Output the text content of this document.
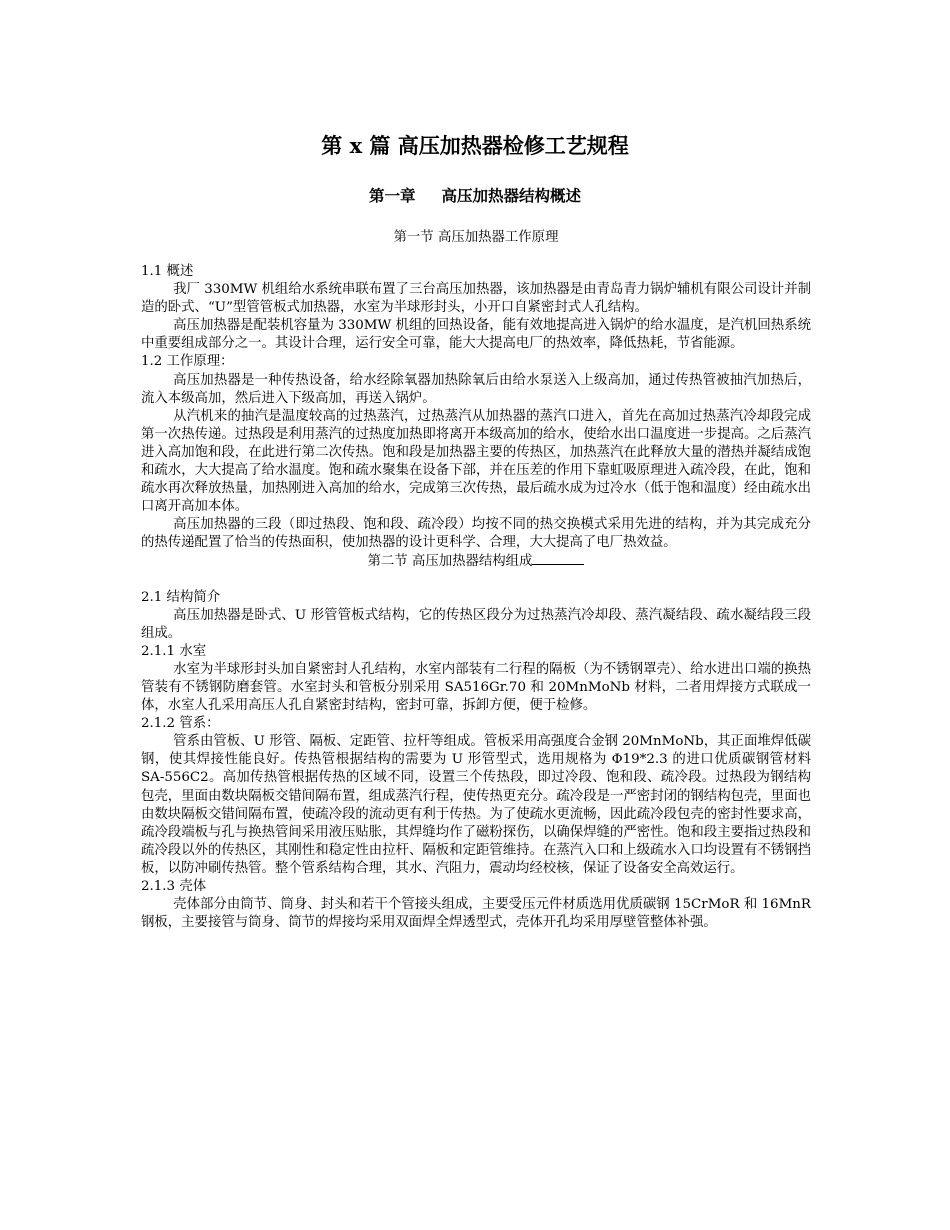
第 x 篇 高压加热器检修工艺规程
第一章 高压加热器结构概述
第一节 高压加热器工作原理
1.1 概述
我厂 330MW 机组给水系统串联布置了三台高压加热器，该加热器是由青岛青力锅炉辅机有限公司设计并制造的卧式、“U”型管管板式加热器，水室为半球形封头，小开口自紧密封式人孔结构。
高压加热器是配装机容量为 330MW 机组的回热设备，能有效地提高进入锅炉的给水温度，是汽机回热系统中重要组成部分之一。其设计合理，运行安全可靠，能大大提高电厂的热效率，降低热耗，节省能源。
1.2 工作原理：
高压加热器是一种传热设备，给水经除氧器加热除氧后由给水泵送入上级高加，通过传热管被抽汽加热后，流入本级高加，然后进入下级高加，再送入锅炉。
从汽机来的抽汽是温度较高的过热蒸汽，过热蒸汽从加热器的蒸汽口进入，首先在高加过热蒸汽冷却段完成第一次热传递。过热段是利用蒸汽的过热度加热即将离开本级高加的给水，使给水出口温度进一步提高。之后蒸汽进入高加饱和段，在此进行第二次传热。饱和段是加热器主要的传热区，加热蒸汽在此释放大量的潜热并凝结成饱和疏水，大大提高了给水温度。饱和疏水聚集在设备下部，并在压差的作用下靠虹吸原理进入疏冷段，在此，饱和疏水再次释放热量，加热刚进入高加的给水，完成第三次传热，最后疏水成为过冷水（低于饱和温度）经由疏水出口离开高加本体。
高压加热器的三段（即过热段、饱和段、疏冷段）均按不同的热交换模式采用先进的结构，并为其完成充分的热传递配置了恰当的传热面积，使加热器的设计更科学、合理，大大提高了电厂热效益。
第二节 高压加热器结构组成
2.1 结构简介
高压加热器是卧式、U 形管管板式结构，它的传热区段分为过热蒸汽冷却段、蒸汽凝结段、疏水凝结段三段组成。
2.1.1 水室
水室为半球形封头加自紧密封人孔结构，水室内部装有二行程的隔板（为不锈钢罩壳）、给水进出口端的换热管装有不锈钢防磨套管。水室封头和管板分别采用 SA516Gr.70 和 20MnMoNb 材料，二者用焊接方式联成一体，水室人孔采用高压人孔自紧密封结构，密封可靠，拆卸方便，便于检修。
2.1.2 管系：
管系由管板、U 形管、隔板、定距管、拉杆等组成。管板采用高强度合金钢 20MnMoNb，其正面堆焊低碳钢，使其焊接性能良好。传热管根据结构的需要为 U 形管型式，选用规格为 Φ19*2.3 的进口优质碳钢管材料 SA-556C2。高加传热管根据传热的区域不同，设置三个传热段，即过冷段、饱和段、疏冷段。过热段为钢结构包壳，里面由数块隔板交错间隔布置，组成蒸汽行程，使传热更充分。疏冷段是一严密封闭的钢结构包壳，里面也由数块隔板交错间隔布置，使疏冷段的流动更有利于传热。为了使疏水更流畅，因此疏冷段包壳的密封性要求高，疏冷段端板与孔与换热管间采用液压贴胀，其焊缝均作了磁粉探伤，以确保焊缝的严密性。饱和段主要指过热段和疏冷段以外的传热区，其刚性和稳定性由拉杆、隔板和定距管维持。在蒸汽入口和上级疏水入口均设置有不锈钢挡板，以防冲刷传热管。整个管系结构合理，其水、汽阻力，震动均经校核，保证了设备安全高效运行。
2.1.3 壳体
壳体部分由筒节、筒身、封头和若干个管接头组成，主要受压元件材质选用优质碳钢 15CrMoR 和 16MnR 钢板，主要接管与筒身、筒节的焊接均采用双面焊全焊透型式，壳体开孔均采用厚壁管整体补强。
